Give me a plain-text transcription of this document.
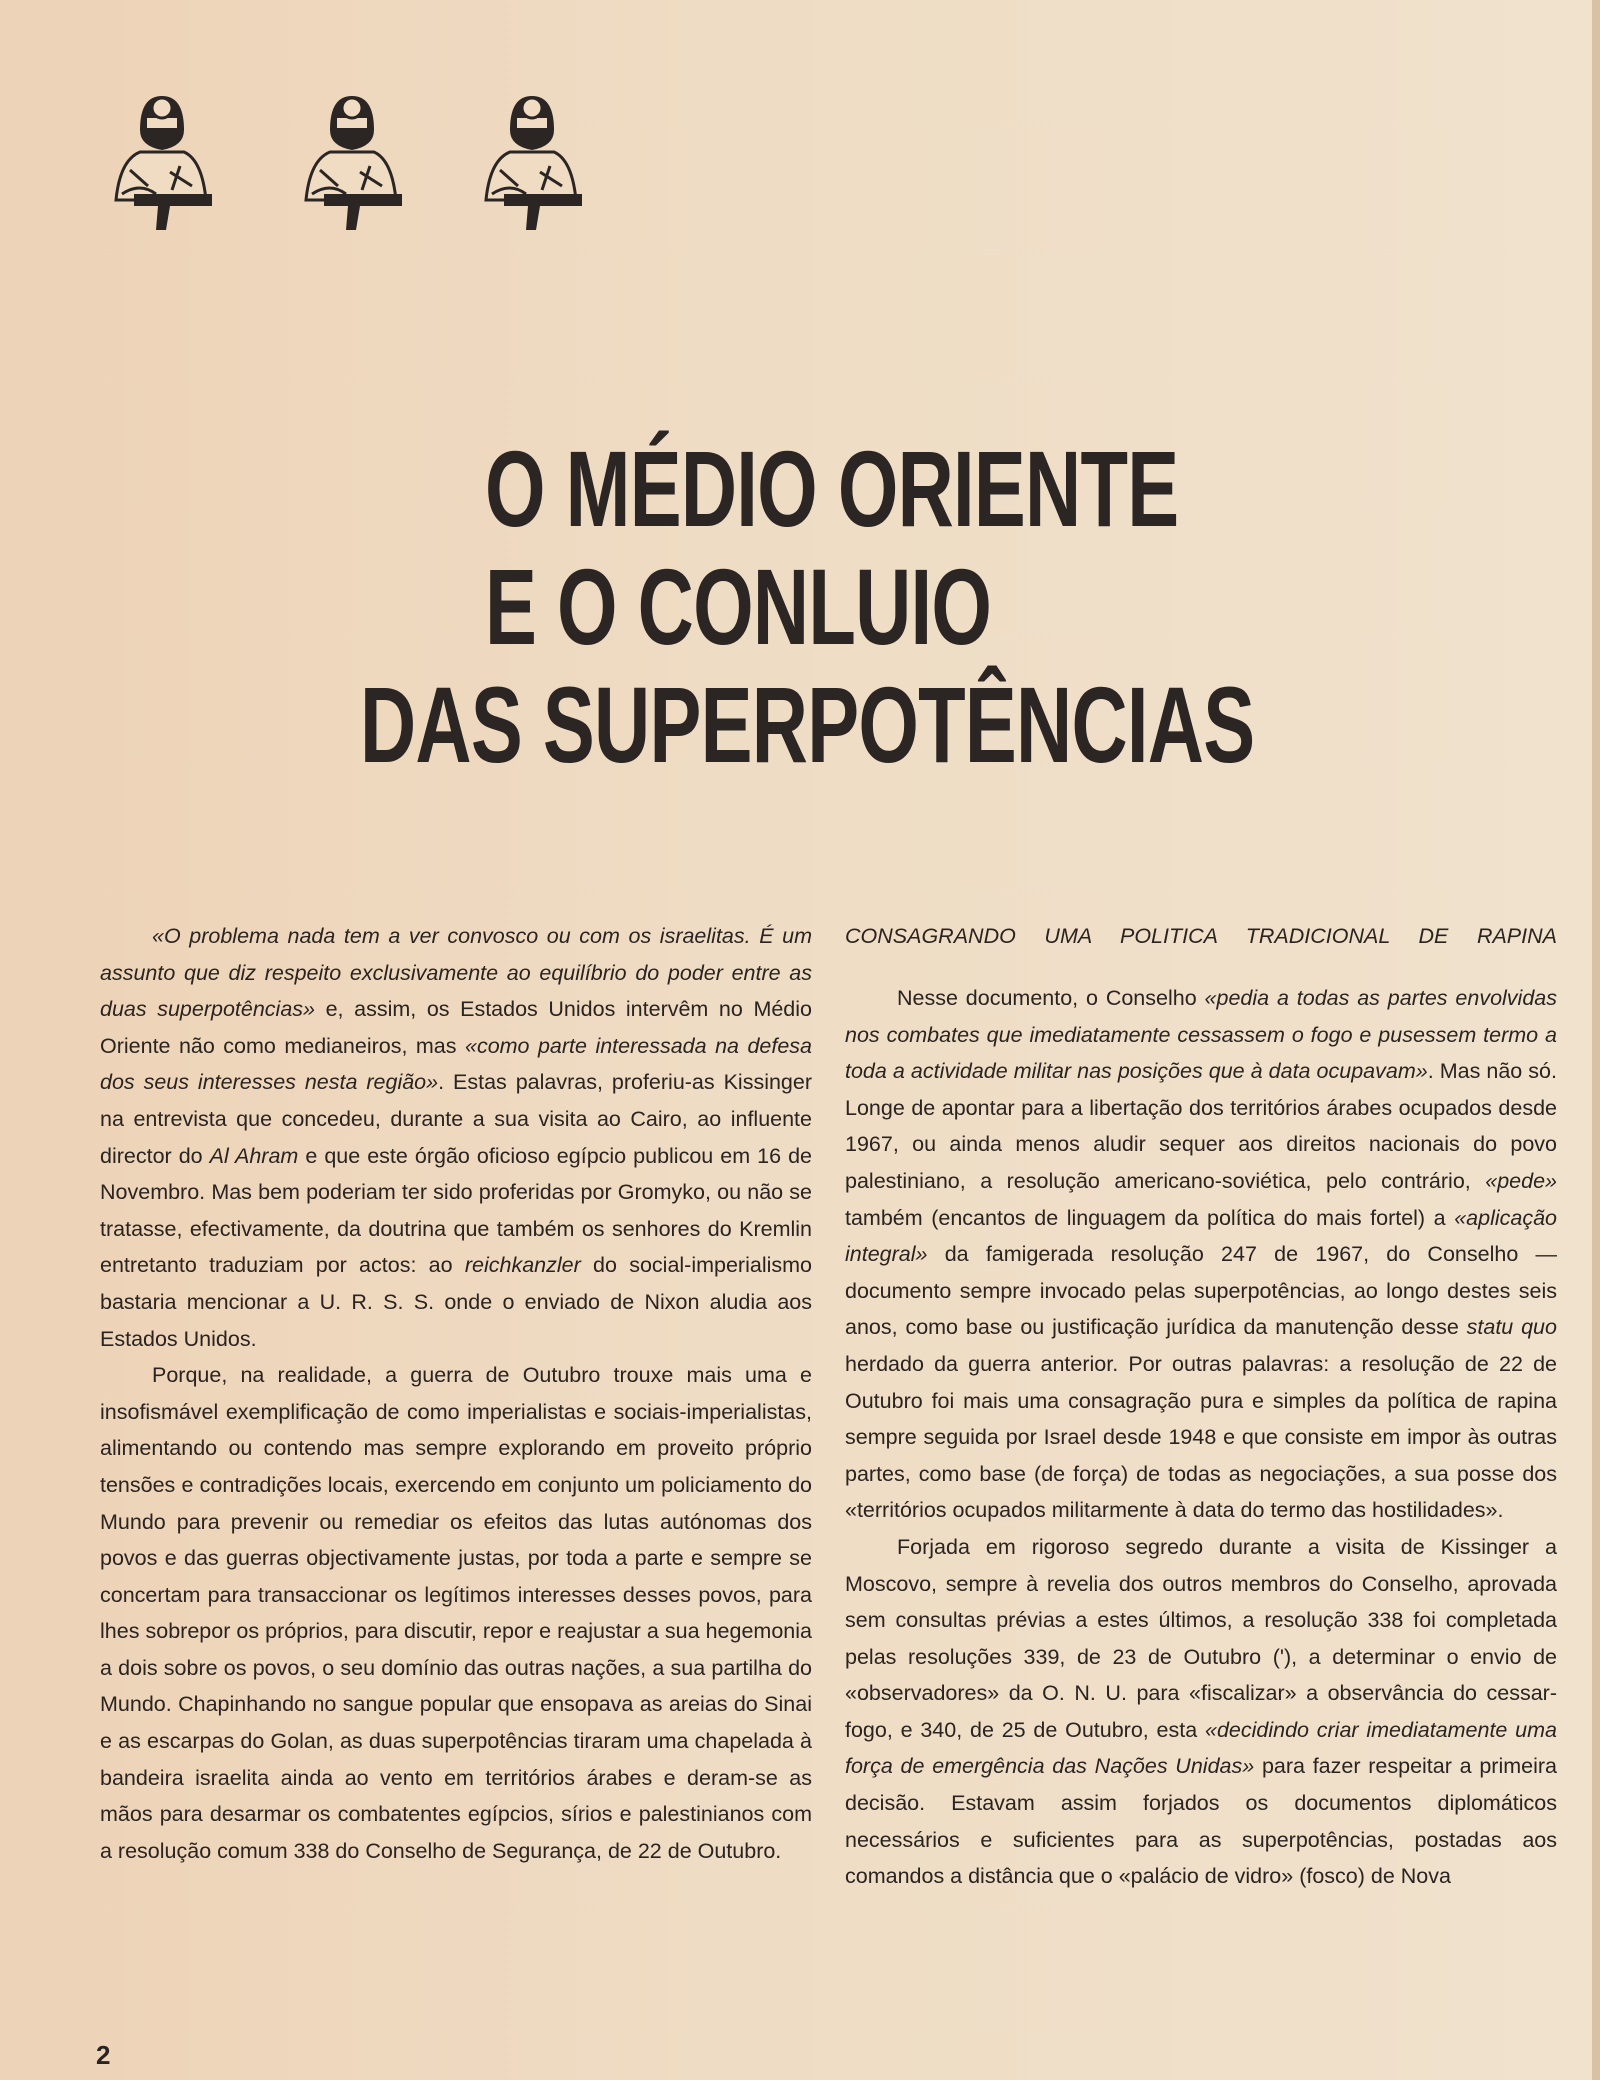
O MÉDIO ORIENTE
E O CONLUIO
DAS SUPERPOTÊNCIAS

«O problema nada tem a ver convosco ou com os israelitas. É um assunto que diz respeito exclusivamente ao equilíbrio do poder entre as duas superpotências» e, assim, os Estados Unidos intervêm no Médio Oriente não como medianeiros, mas «como parte interessada na defesa dos seus interesses nesta região». Estas palavras, proferiu-as Kissinger na entrevista que concedeu, durante a sua visita ao Cairo, ao influente director do Al Ahram e que este órgão oficioso egípcio publicou em 16 de Novembro. Mas bem poderiam ter sido proferidas por Gromyko, ou não se tratasse, efectivamente, da doutrina que também os senhores do Kremlin entretanto traduziam por actos: ao reichkanzler do social-imperialismo bastaria mencionar a U. R. S. S. onde o enviado de Nixon aludia aos Estados Unidos.

Porque, na realidade, a guerra de Outubro trouxe mais uma e insofismável exemplificação de como imperialistas e sociais-imperialistas, alimentando ou contendo mas sempre explorando em proveito próprio tensões e contradições locais, exercendo em conjunto um policiamento do Mundo para prevenir ou remediar os efeitos das lutas autónomas dos povos e das guerras objectivamente justas, por toda a parte e sempre se concertam para transaccionar os legítimos interesses desses povos, para lhes sobrepor os próprios, para discutir, repor e reajustar a sua hegemonia a dois sobre os povos, o seu domínio das outras nações, a sua partilha do Mundo. Chapinhando no sangue popular que ensopava as areias do Sinai e as escarpas do Golan, as duas superpotências tiraram uma chapelada à bandeira israelita ainda ao vento em territórios árabes e deram-se as mãos para desarmar os combatentes egípcios, sírios e palestinianos com a resolução comum 338 do Conselho de Segurança, de 22 de Outubro.

CONSAGRANDO UMA POLITICA TRADICIONAL DE RAPINA

Nesse documento, o Conselho «pedia a todas as partes envolvidas nos combates que imediatamente cessassem o fogo e pusessem termo a toda a actividade militar nas posições que à data ocupavam». Mas não só. Longe de apontar para a libertação dos territórios árabes ocupados desde 1967, ou ainda menos aludir sequer aos direitos nacionais do povo palestiniano, a resolução americano-soviética, pelo contrário, «pede» também (encantos de linguagem da política do mais fortel) a «aplicação integral» da famigerada resolução 247 de 1967, do Conselho — documento sempre invocado pelas superpotências, ao longo destes seis anos, como base ou justificação jurídica da manutenção desse statu quo herdado da guerra anterior. Por outras palavras: a resolução de 22 de Outubro foi mais uma consagração pura e simples da política de rapina sempre seguida por Israel desde 1948 e que consiste em impor às outras partes, como base (de força) de todas as negociações, a sua posse dos «territórios ocupados militarmente à data do termo das hostilidades».

Forjada em rigoroso segredo durante a visita de Kissinger a Moscovo, sempre à revelia dos outros membros do Conselho, aprovada sem consultas prévias a estes últimos, a resolução 338 foi completada pelas resoluções 339, de 23 de Outubro ('), a determinar o envio de «observadores» da O. N. U. para «fiscalizar» a observância do cessar-fogo, e 340, de 25 de Outubro, esta «decidindo criar imediatamente uma força de emergência das Nações Unidas» para fazer respeitar a primeira decisão. Estavam assim forjados os documentos diplomáticos necessários e suficientes para as superpotências, postadas aos comandos a distância que o «palácio de vidro» (fosco) de Nova

2
